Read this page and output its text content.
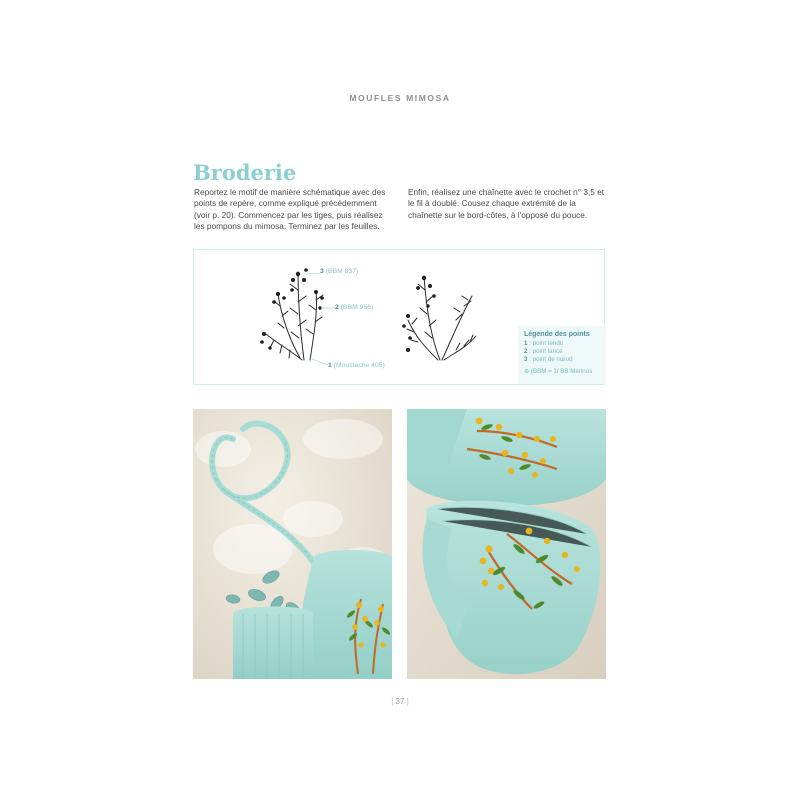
MOUFLES MIMOSA
Broderie

Reportez le motif de manière schématique avec des points de repère, comme expliqué précédemment (voir p. 20). Commencez par les tiges, puis réalisez les pompons du mimosa. Terminez par les feuilles.

Enfin, réalisez une chaînette avec le crochet n° 3,5 et le fil à doublé. Cousez chaque extrémité de la chaînette sur le bord-côtes, à l'opposé du pouce.

3 (BBM 837)
2 (BBM 956)
1 (Moustache 405)
Légende des points
1 : point tendu
2 : point lancé
3 : point de nœud
⊛ (BBM = 1/ BB Mérinos
[ 37 ]
